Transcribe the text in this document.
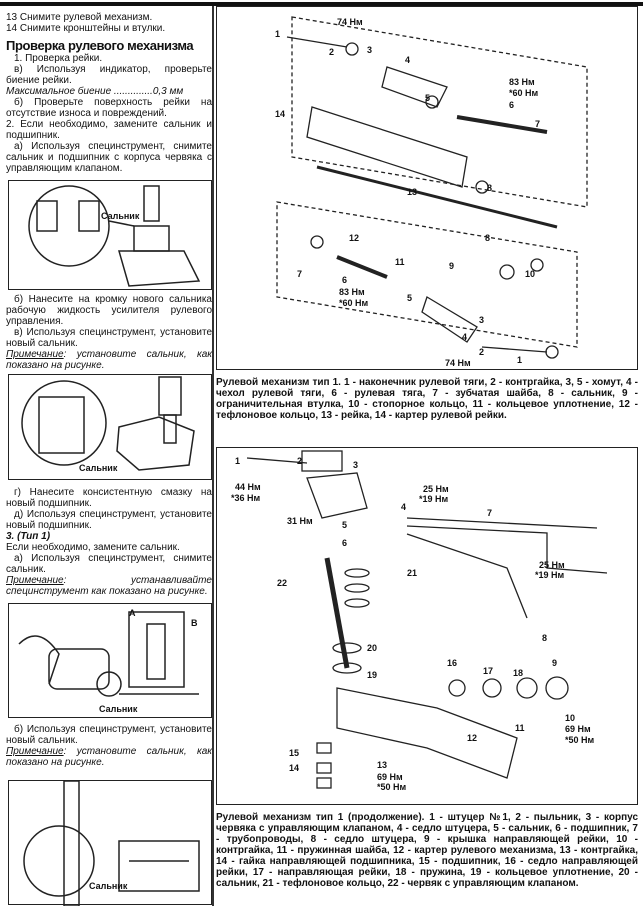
13 Снимите рулевой механизм.

14 Снимите кронштейны и втулки.

Проверка рулевого механизма

1. Проверка рейки.

в) Используя индикатор, проверьте биение рейки.

Максимальное биение ..............0,3 мм

б) Проверьте поверхность рейки на отсутствие износа и повреждений.

2. Если необходимо, замените сальник и подшипник.

а) Используя специнструмент, снимите сальник и подшипник с корпуса червяка с управляющим клапаном.

Сальник

б) Нанесите на кромку нового сальника рабочую жидкость усилителя рулевого управления.

в) Используя специнструмент, установите новый сальник.

Примечание: установите сальник, как показано на рисунке.

Сальник

г) Нанесите консистентную смазку на новый подшипник.

д) Используя специнструмент, установите новый подшипник.

3. (Тип 1)

Если необходимо, замените сальник.

а) Используя специнструмент, снимите сальник.

Примечание: устанавливайте специнструмент как показано на рисунке.

A
B
Сальник

б) Используя специнструмент, установите новый сальник.

Примечание: установите сальник, как показано на рисунке.

Сальник
1
74 Нм
2	3
4
5
83 Нм
*60 Нм
6
7
14
8
13
12
11	9
10
7
6
83 Нм
*60 Нм	5
4
3
2
74 Нм	1
8
Рулевой механизм тип 1. 1 - наконечник рулевой тяги, 2 - контргайка, 3, 5 - хомут, 4 - чехол рулевой тяги, 6 - рулевая тяга, 7 - зубчатая шайба, 8 - сальник, 9 - ограничительная втулка, 10 - стопорное кольцо, 11 - кольцевое уплотнение, 12 - тефлоновое кольцо, 13 - рейка, 14 - картер рулевой рейки.
1
44 Нм
*36 Нм
2	3
4
31 Нм	5
6
25 Нм
*19 Нм
7
25 Нм
*19 Нм
22
21
8
20
19
16
17 18
9
11
10
69 Нм
*50 Нм
12
15
14	13
69 Нм
*50 Нм
Рулевой механизм тип 1 (продолжение). 1 - штуцер №1, 2 - пыльник, 3 - корпус червяка с управляющим клапаном, 4 - седло штуцера, 5 - сальник, 6 - подшипник, 7 - трубопроводы, 8 - седло штуцера, 9 - крышка направляющей рейки, 10 - контргайка, 11 - пружинная шайба, 12 - картер рулевого механизма, 13 - контргайка, 14 - гайка направляющей подшипника, 15 - подшипник, 16 - седло направляющей рейки, 17 - направляющая рейки, 18 - пружина, 19 - кольцевое уплотнение, 20 - сальник, 21 - тефлоновое кольцо, 22 - червяк с управляющим клапаном.
